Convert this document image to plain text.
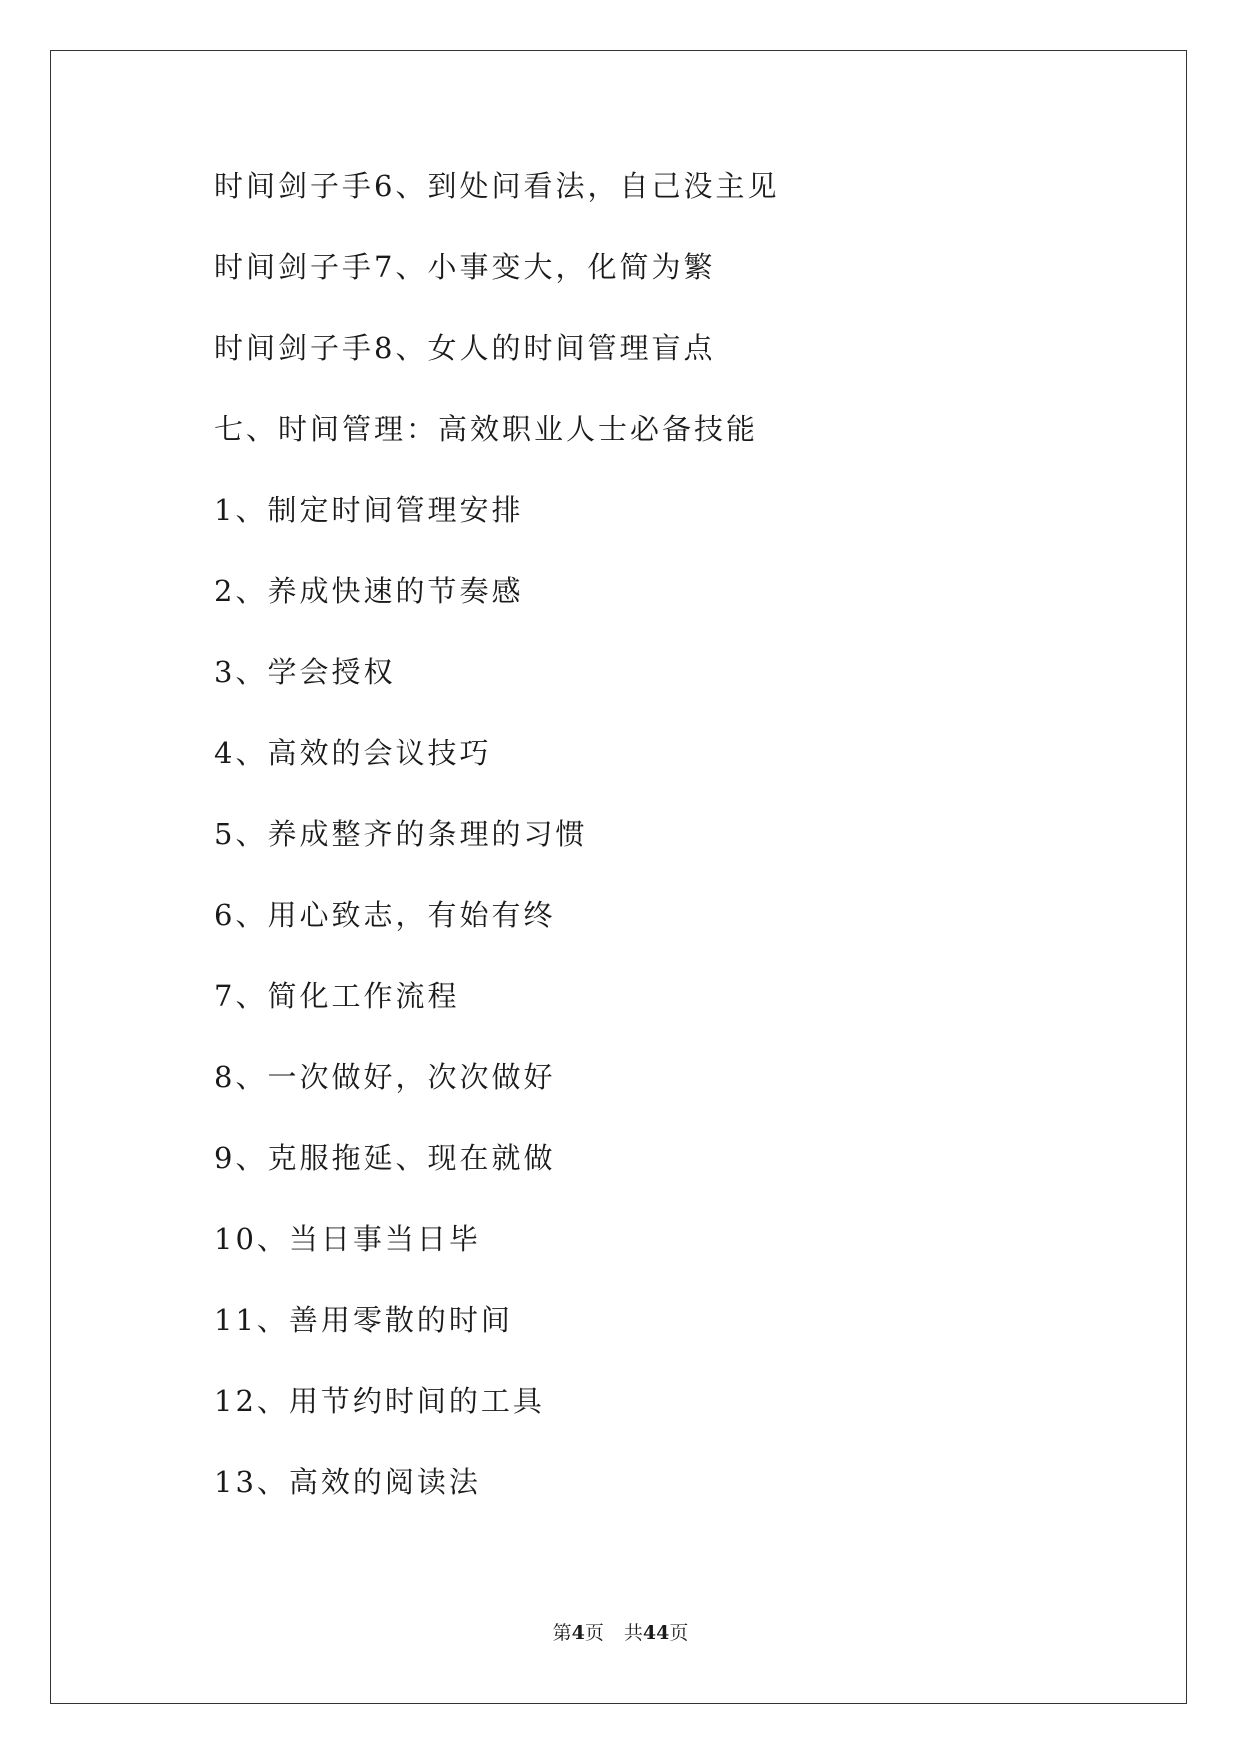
时间剑子手6、到处问看法，自己没主见
时间剑子手7、小事变大，化简为繁
时间剑子手8、女人的时间管理盲点
七、时间管理：高效职业人士必备技能
1、制定时间管理安排
2、养成快速的节奏感
3、学会授权
4、高效的会议技巧
5、养成整齐的条理的习惯
6、用心致志，有始有终
7、简化工作流程
8、一次做好，次次做好
9、克服拖延、现在就做
10、当日事当日毕
11、善用零散的时间
12、用节约时间的工具
13、高效的阅读法
第4页 共44页
